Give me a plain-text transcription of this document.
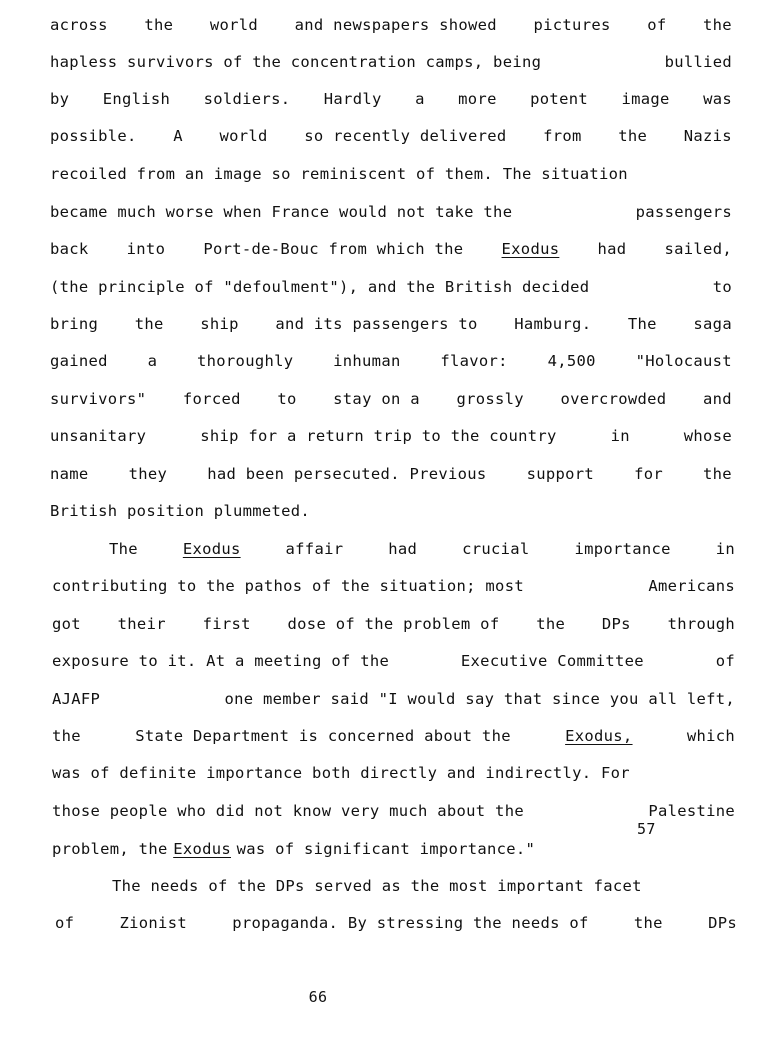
across the world and newspapers showed pictures of the
hapless survivors of the concentration camps, being	bullied
by English soldiers. Hardly a more potent image was
possible. A world so recently delivered from the Nazis
recoiled from an image so reminiscent of them. The situation
became much worse when France would not take the	passengers
back into Port-de-Bouc from which the Exodus had sailed,
(the principle of "defoulment"), and the British decided	to
bring the ship and its passengers to Hamburg. The saga
gained	a	thoroughly	inhuman	flavor:	4,500	"Holocaust
survivors" forced to stay on a grossly overcrowded and
unsanitary	ship for a return trip to the country	in	whose
name	they	had been persecuted. Previous	support	for	the
British position plummeted.
The	Exodus	affair	had	crucial	importance	in
contributing to the pathos of the situation; most	Americans
got their first dose of the problem of the DPs through
exposure to it. At a meeting of the	Executive Committee	of
AJAFP	one member said "I would say that since you all left,
the	State Department is concerned about the	Exodus,	which
was of definite importance both directly and indirectly. For
those people who did not know very much about the	Palestine
57
problem, the Exodus was of significant importance."
The needs of the DPs served as the most important facet
of	Zionist	propaganda. By stressing the needs of	the	DPs
66
